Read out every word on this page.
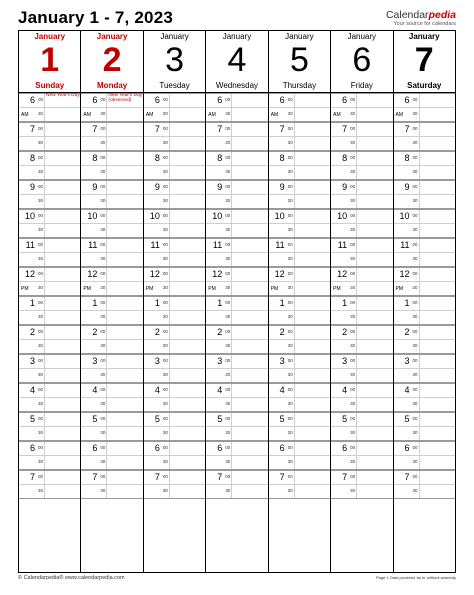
January 1 - 7, 2023	Calendarpedia
Your source for calendars
January
1
Sunday
6 00
AM 30
7 00
30
8 00
30
9 00
30
10 00
30
11 00
30
12 00
PM 30
1 00
30
2 00
30
3 00
30
4 00
30
5 00
30
6 00
30
7 00
30
New Year's Day
January
2
Monday
6 00
AM 30
7 00
30
8 00
30
9 00
30
10 00
30
11 00
30
12 00
PM 30
1 00
30
2 00
30
3 00
30
4 00
30
5 00
30
6 00
30
7 00
30
New Year's Day (observed)
January
3
Tuesday
6 00
AM 30
7 00
30
8 00
30
9 00
30
10 00
30
11 00
30
12 00
PM 30
1 00
30
2 00
30
3 00
30
4 00
30
5 00
30
6 00
30
7 00
30
January
4
Wednesday
6 00
AM 30
7 00
30
8 00
30
9 00
30
10 00
30
11 00
30
12 00
PM 30
1 00
30
2 00
30
3 00
30
4 00
30
5 00
30
6 00
30
7 00
30
January
5
Thursday
6 00
AM 30
7 00
30
8 00
30
9 00
30
10 00
30
11 00
30
12 00
PM 30
1 00
30
2 00
30
3 00
30
4 00
30
5 00
30
6 00
30
7 00
30
January
6
Friday
6 00
AM 30
7 00
30
8 00
30
9 00
30
10 00
30
11 00
30
12 00
PM 30
1 00
30
2 00
30
3 00
30
4 00
30
5 00
30
6 00
30
7 00
30
January
7
Saturday
6 00
AM 30
7 00
30
8 00
30
9 00
30
10 00
30
11 00
30
12 00
PM 30
1 00
30
2 00
30
3 00
30
4 00
30
5 00
30
6 00
30
7 00
30
© Calendarpedia® www.calendarpedia.com	Page 1 Data provided 'as is' without warranty
